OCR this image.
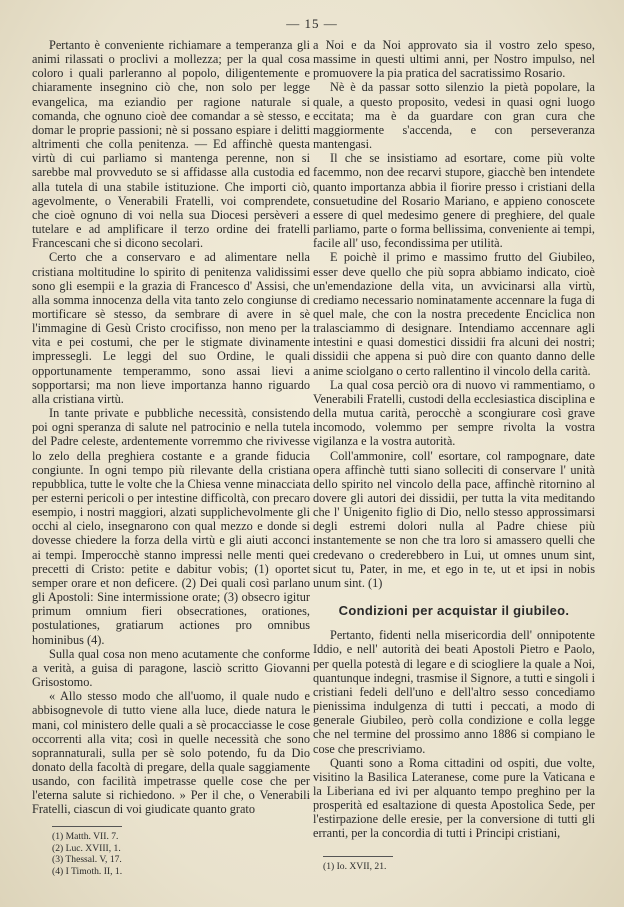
— 15 —

Pertanto è conveniente richiamare a temperanza gli animi rilassati o proclivi a mollezza; per la qual cosa coloro i quali parleranno al popolo, diligentemente e chiaramente insegnino ciò che, non solo per legge evangelica, ma eziandio per ragione naturale si comanda, che ognuno cioè dee comandar a sè stesso, e domar le proprie passioni; nè si possano espiare i delitti altrimenti che colla penitenza. — Ed affinchè questa virtù di cui parliamo si mantenga perenne, non si sarebbe mal provveduto se si affidasse alla custodia ed alla tutela di una stabile istituzione. Che importi ciò, agevolmente, o Venerabili Fratelli, voi comprendete, che cioè ognuno di voi nella sua Diocesi persèveri a tutelare e ad amplificare il terzo ordine dei fratelli Francescani che si dicono secolari.

Certo che a conservaro e ad alimentare nella cristiana moltitudine lo spirito di penitenza validissimi sono gli esempii e la grazia di Francesco d' Assisi, che alla somma innocenza della vita tanto zelo congiunse di mortificare sè stesso, da sembrare di avere in sè l'immagine di Gesù Cristo crocifisso, non meno per la vita e pei costumi, che per le stigmate divinamente impressegli. Le leggi del suo Ordine, le quali opportunamente temperammo, sono assai lievi a sopportarsi; ma non lieve importanza hanno riguardo alla cristiana virtù.

In tante private e pubbliche necessità, consistendo poi ogni speranza di salute nel patrocinio e nella tutela del Padre celeste, ardentemente vorremmo che rivivesse lo zelo della preghiera costante e a grande fiducia congiunte. In ogni tempo più rilevante della cristiana repubblica, tutte le volte che la Chiesa venne minacciata per esterni pericoli o per intestine difficoltà, con precaro esempio, i nostri maggiori, alzati supplichevolmente gli occhi al cielo, insegnarono con qual mezzo e donde si dovesse chiedere la forza della virtù e gli aiuti acconci ai tempi. Imperocchè stanno impressi nelle menti quei precetti di Cristo: petite e dabitur vobis; (1) oportet semper orare et non deficere. (2) Dei quali così parlano gli Apostoli: Sine intermissione orate; (3) obsecro igitur primum omnium fieri obsecrationes, orationes, postulationes, gratiarum actiones pro omnibus hominibus (4).

Sulla qual cosa non meno acutamente che conforme a verità, a guisa di paragone, lasciò scritto Giovanni Grisostomo.

« Allo stesso modo che all'uomo, il quale nudo e abbisognevole di tutto viene alla luce, diede natura le mani, col ministero delle quali a sè procacciasse le cose occorrenti alla vita; così in quelle necessità che sono soprannaturali, sulla per sè solo potendo, fu da Dio donato della facoltà di pregare, della quale saggiamente usando, con facilità impetrasse quelle cose che per l'eterna salute si richiedono. » Per il che, o Venerabili Fratelli, ciascun di voi giudicate quanto grato

(1) Matth. VII. 7.
(2) Luc. XVIII, 1.
(3) Thessal. V, 17.
(4) I Timoth. II, 1.

a Noi e da Noi approvato sia il vostro zelo speso, massime in questi ultimi anni, per Nostro impulso, nel promuovere la pia pratica del sacratissimo Rosario.

Nè è da passar sotto silenzio la pietà popolare, la quale, a questo proposito, vedesi in quasi ogni luogo eccitata; ma è da guardare con gran cura che maggiormente s'accenda, e con perseveranza mantengasi.

Il che se insistiamo ad esortare, come più volte facemmo, non dee recarvi stupore, giacchè ben intendete quanto importanza abbia il fiorire presso i cristiani della consuetudine del Rosario Mariano, e appieno conoscete essere di quel medesimo genere di preghiere, del quale parliamo, parte o forma bellissima, conveniente ai tempi, facile all' uso, fecondissima per utilità.

E poichè il primo e massimo frutto del Giubileo, esser deve quello che più sopra abbiamo indicato, cioè un'emendazione della vita, un avvicinarsi alla virtù, crediamo necessario nominatamente accennare la fuga di quel male, che con la nostra precedente Enciclica non tralasciammo di designare. Intendiamo accennare agli intestini e quasi domestici dissidii fra alcuni dei nostri; dissidii che appena si può dire con quanto danno delle anime sciolgano o certo rallentino il vincolo della carità.

La qual cosa perciò ora di nuovo vi rammentiamo, o Venerabili Fratelli, custodi della ecclesiastica disciplina e della mutua carità, perocchè a scongiurare così grave incomodo, volemmo per sempre rivolta la vostra vigilanza e la vostra autorità.

Coll'ammonire, coll' esortare, col rampognare, date opera affinchè tutti siano solleciti di conservare l' unità dello spirito nel vincolo della pace, affinchè ritornino al dovere gli autori dei dissidii, per tutta la vita meditando che l' Unigenito figlio di Dio, nello stesso approssimarsi degli estremi dolori nulla al Padre chiese più instantemente se non che tra loro si amassero quelli che credevano o crederebbero in Lui, ut omnes unum sint, sicut tu, Pater, in me, et ego in te, ut et ipsi in nobis unum sint. (1)

Condizioni per acquistar il giubileo.

Pertanto, fidenti nella misericordia dell' onnipotente Iddio, e nell' autorità dei beati Apostoli Pietro e Paolo, per quella potestà di legare e di sciogliere la quale a Noi, quantunque indegni, trasmise il Signore, a tutti e singoli i cristiani fedeli dell'uno e dell'altro sesso concediamo pienissima indulgenza di tutti i peccati, a modo di generale Giubileo, però colla condizione e colla legge che nel termine del prossimo anno 1886 si compiano le cose che prescriviamo.

Quanti sono a Roma cittadini od ospiti, due volte, visitino la Basilica Lateranese, come pure la Vaticana e la Liberiana ed ivi per alquanto tempo preghino per la prosperità ed esaltazione di questa Apostolica Sede, per l'estirpazione delle eresie, per la conversione di tutti gli erranti, per la concordia di tutti i Principi cristiani,

(1) Io. XVII, 21.
